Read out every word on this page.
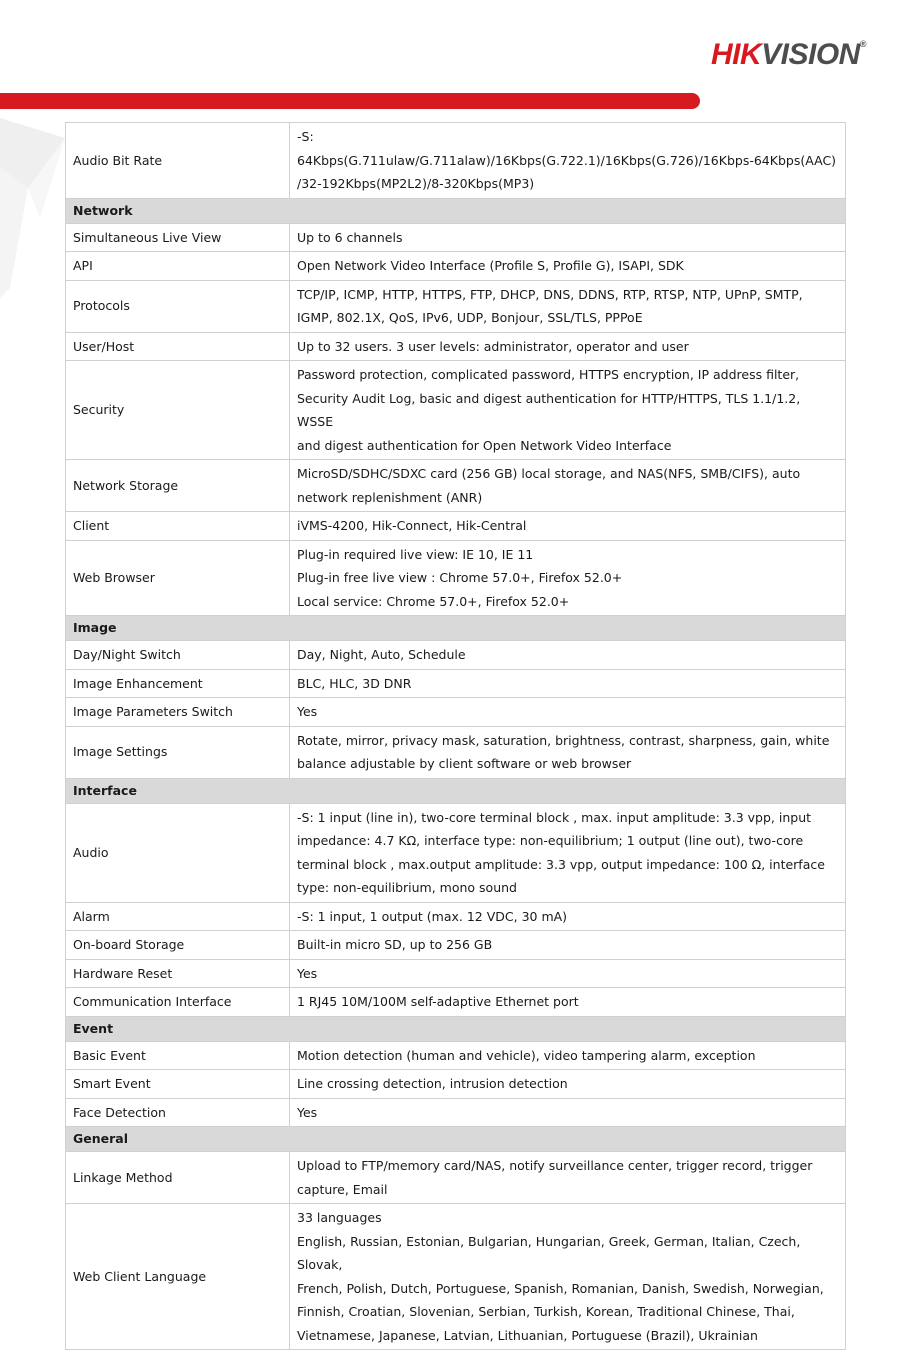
HIKVISION®
Audio Bit Rate	-S:
64Kbps(G.711ulaw/G.711alaw)/16Kbps(G.722.1)/16Kbps(G.726)/16Kbps-64Kbps(AAC)
/32-192Kbps(MP2L2)/8-320Kbps(MP3)
Network	
Simultaneous Live View	Up to 6 channels
API	Open Network Video Interface (Profile S, Profile G), ISAPI, SDK
Protocols	TCP/IP, ICMP, HTTP, HTTPS, FTP, DHCP, DNS, DDNS, RTP, RTSP, NTP, UPnP, SMTP,
IGMP, 802.1X, QoS, IPv6, UDP, Bonjour, SSL/TLS, PPPoE
User/Host	Up to 32 users. 3 user levels: administrator, operator and user
Security	Password protection, complicated password, HTTPS encryption, IP address filter,
Security Audit Log, basic and digest authentication for HTTP/HTTPS, TLS 1.1/1.2, WSSE
and digest authentication for Open Network Video Interface
Network Storage	MicroSD/SDHC/SDXC card (256 GB) local storage, and NAS(NFS, SMB/CIFS), auto
network replenishment (ANR)
Client	iVMS-4200, Hik-Connect, Hik-Central
Web Browser	Plug-in required live view: IE 10, IE 11
Plug-in free live view : Chrome 57.0+, Firefox 52.0+
Local service: Chrome 57.0+, Firefox 52.0+
Image	
Day/Night Switch	Day, Night, Auto, Schedule
Image Enhancement	BLC, HLC, 3D DNR
Image Parameters Switch	Yes
Image Settings	Rotate, mirror, privacy mask, saturation, brightness, contrast, sharpness, gain, white
balance adjustable by client software or web browser
Interface	
Audio	-S: 1 input (line in), two-core terminal block , max. input amplitude: 3.3 vpp, input
impedance: 4.7 KΩ, interface type: non-equilibrium; 1 output (line out), two-core
terminal block , max.output amplitude: 3.3 vpp, output impedance: 100 Ω, interface
type: non-equilibrium, mono sound
Alarm	-S: 1 input, 1 output (max. 12 VDC, 30 mA)
On-board Storage	Built-in micro SD, up to 256 GB
Hardware Reset	Yes
Communication Interface	1 RJ45 10M/100M self-adaptive Ethernet port
Event	
Basic Event	Motion detection (human and vehicle), video tampering alarm, exception
Smart Event	Line crossing detection, intrusion detection
Face Detection	Yes
General	
Linkage Method	Upload to FTP/memory card/NAS, notify surveillance center, trigger record, trigger
capture, Email
Web Client Language	33 languages
English, Russian, Estonian, Bulgarian, Hungarian, Greek, German, Italian, Czech, Slovak,
French, Polish, Dutch, Portuguese, Spanish, Romanian, Danish, Swedish, Norwegian,
Finnish, Croatian, Slovenian, Serbian, Turkish, Korean, Traditional Chinese, Thai,
Vietnamese, Japanese, Latvian, Lithuanian, Portuguese (Brazil), Ukrainian
